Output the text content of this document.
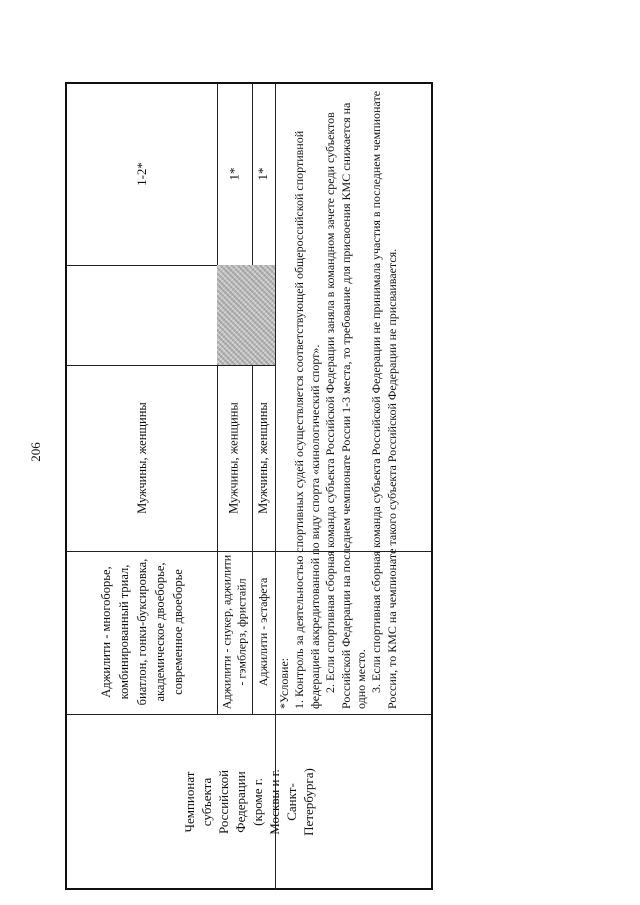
206
Чемпионат субъекта Российской Федерации (кроме г. Москвы и г. Санкт-Петербурга)
Аджилити - многоборье, комбинированный триал, биатлон, гонки-буксировка, академическое двоеборье, современное двоеборье
Мужчины, женщины
1-2*
Аджилити - снукер, аджилити - гэмблерз, фристайл
Мужчины, женщины
1*
Аджилити - эстафета
Мужчины, женщины
1*

*Условие: 1. Контроль за деятельностью спортивных судей осуществляется соответствующей общероссийской спортивной федерацией аккредитованной по виду спорта «кинологический спорт». 2. Если спортивная сборная команда субъекта Российской Федерации заняла в командном зачете среди субъектов Российской Федерации на последнем чемпионате России 1-3 места, то требование для присвоения КМС снижается на одно место. 3. Если спортивная сборная команда субъекта Российской Федерации не принимала участия в последнем чемпионате России, то КМС на чемпионате такого субъекта Российской Федерации не присваивается.
